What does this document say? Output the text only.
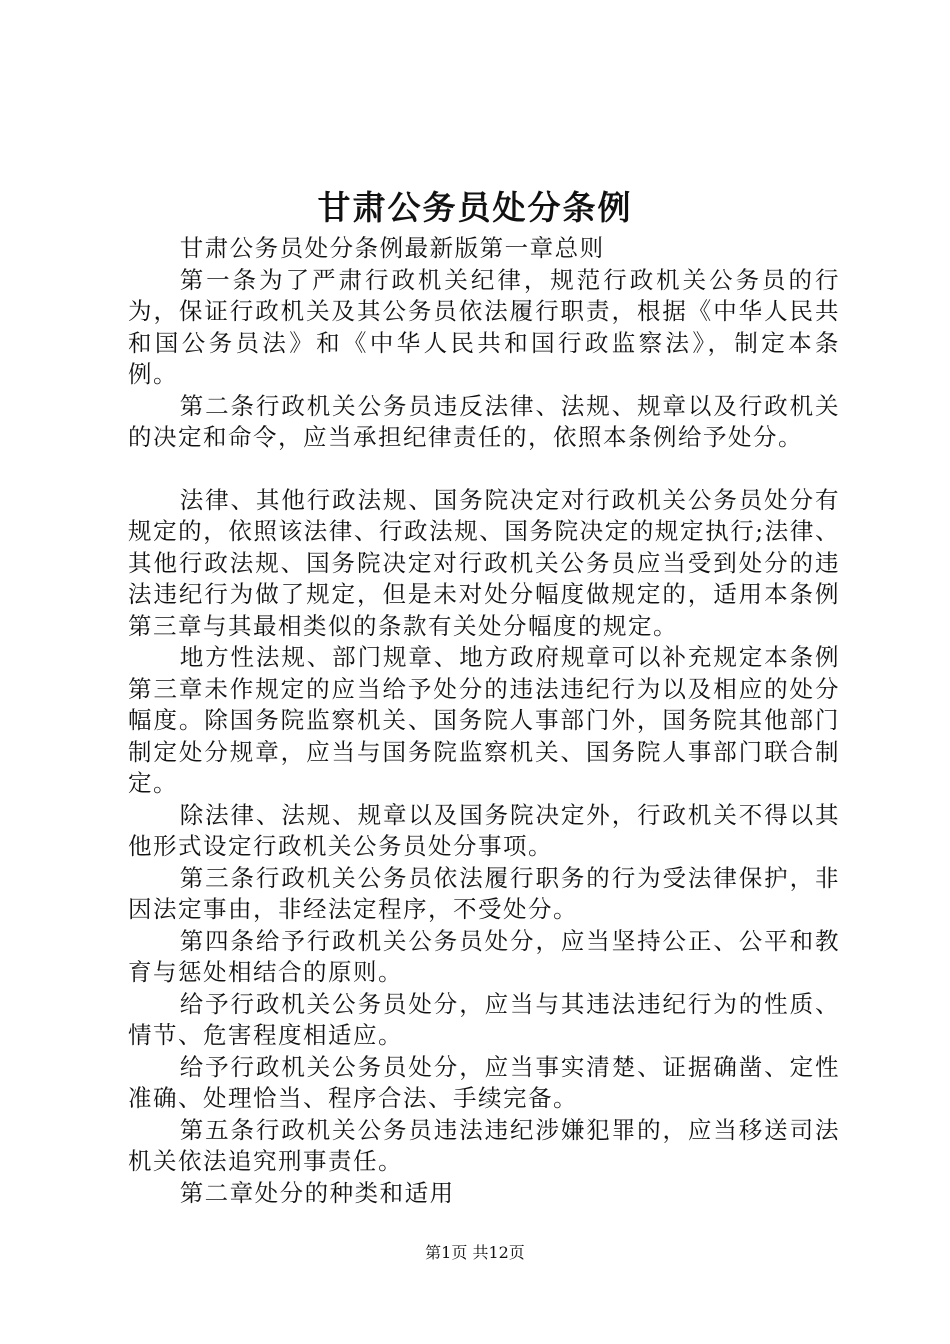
甘肃公务员处分条例

甘肃公务员处分条例最新版第一章总则

第一条为了严肃行政机关纪律，规范行政机关公务员的行为，保证行政机关及其公务员依法履行职责，根据《中华人民共和国公务员法》和《中华人民共和国行政监察法》，制定本条例。

第二条行政机关公务员违反法律、法规、规章以及行政机关的决定和命令，应当承担纪律责任的，依照本条例给予处分。

法律、其他行政法规、国务院决定对行政机关公务员处分有规定的，依照该法律、行政法规、国务院决定的规定执行;法律、其他行政法规、国务院决定对行政机关公务员应当受到处分的违法违纪行为做了规定，但是未对处分幅度做规定的，适用本条例第三章与其最相类似的条款有关处分幅度的规定。

地方性法规、部门规章、地方政府规章可以补充规定本条例第三章未作规定的应当给予处分的违法违纪行为以及相应的处分幅度。除国务院监察机关、国务院人事部门外，国务院其他部门制定处分规章，应当与国务院监察机关、国务院人事部门联合制定。

除法律、法规、规章以及国务院决定外，行政机关不得以其他形式设定行政机关公务员处分事项。

第三条行政机关公务员依法履行职务的行为受法律保护，非因法定事由，非经法定程序，不受处分。

第四条给予行政机关公务员处分，应当坚持公正、公平和教育与惩处相结合的原则。

给予行政机关公务员处分，应当与其违法违纪行为的性质、情节、危害程度相适应。

给予行政机关公务员处分，应当事实清楚、证据确凿、定性准确、处理恰当、程序合法、手续完备。

第五条行政机关公务员违法违纪涉嫌犯罪的，应当移送司法机关依法追究刑事责任。

第二章处分的种类和适用

第1页 共12页
